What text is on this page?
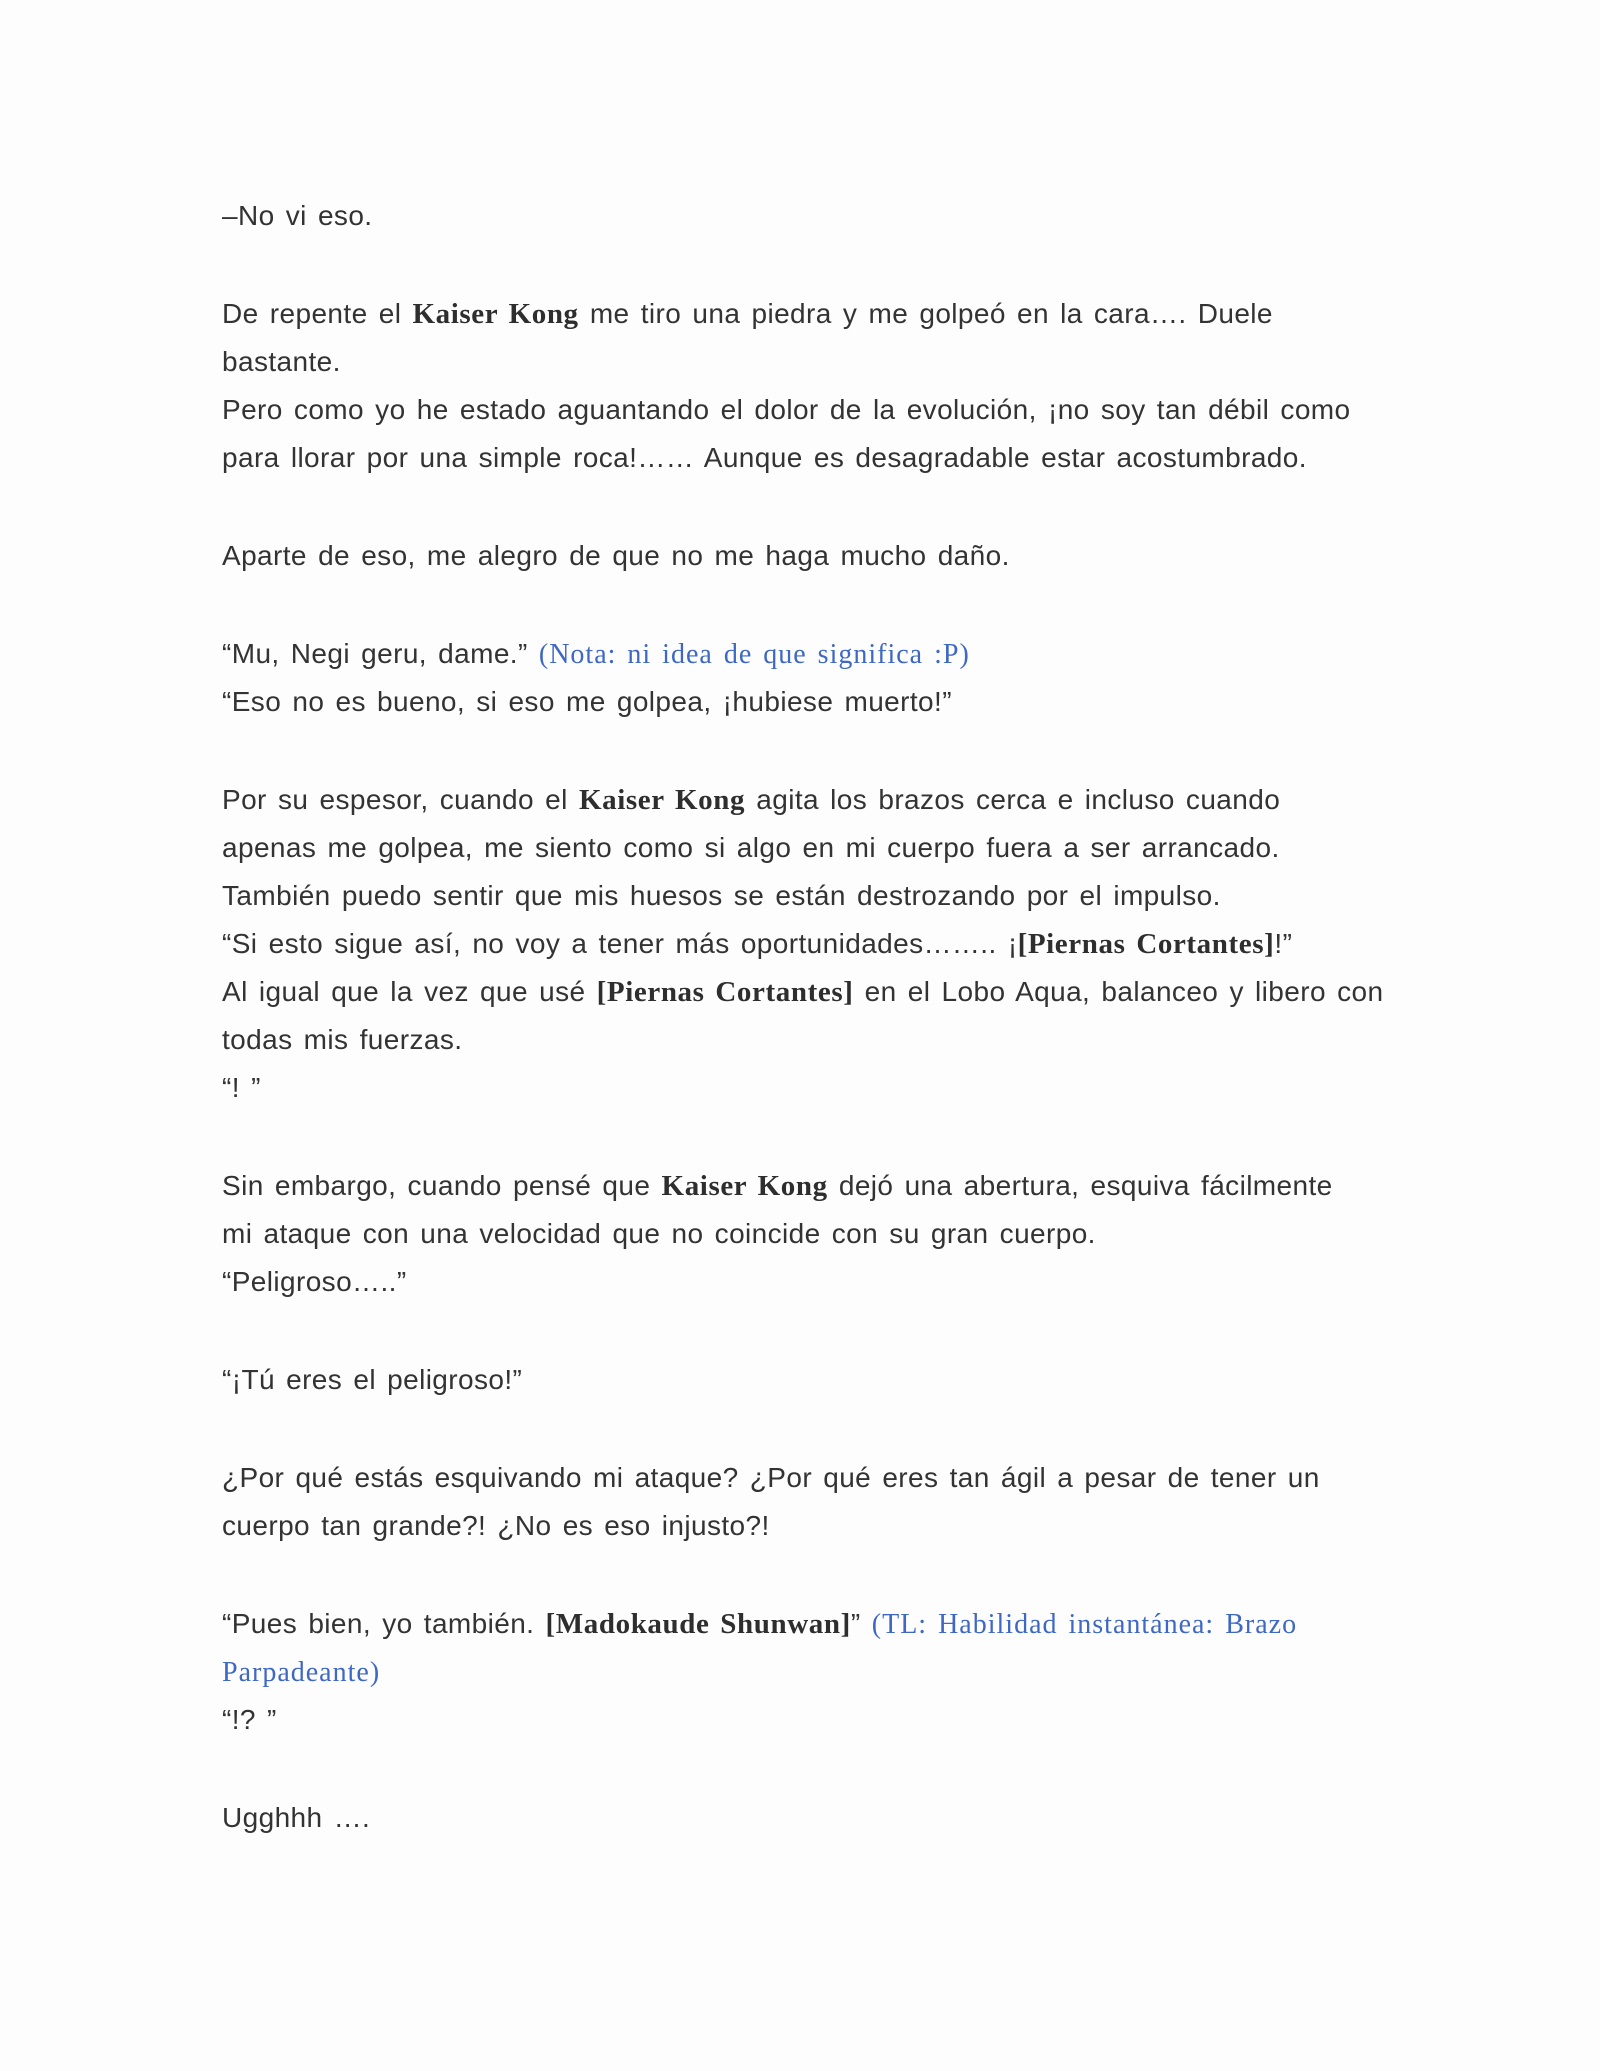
–No vi eso.
De repente el Kaiser Kong me tiro una piedra y me golpeó en la cara…. Duele
bastante.
Pero como yo he estado aguantando el dolor de la evolución, ¡no soy tan débil como
para llorar por una simple roca!…… Aunque es desagradable estar acostumbrado.
Aparte de eso, me alegro de que no me haga mucho daño.
“Mu, Negi geru, dame.” (Nota: ni idea de que significa :P)
“Eso no es bueno, si eso me golpea, ¡hubiese muerto!”
Por su espesor, cuando el Kaiser Kong agita los brazos cerca e incluso cuando
apenas me golpea, me siento como si algo en mi cuerpo fuera a ser arrancado.
También puedo sentir que mis huesos se están destrozando por el impulso.
“Si esto sigue así, no voy a tener más oportunidades…….. ¡[Piernas Cortantes]!”
Al igual que la vez que usé [Piernas Cortantes] en el Lobo Aqua, balanceo y libero con
todas mis fuerzas.
“! ”
Sin embargo, cuando pensé que Kaiser Kong dejó una abertura, esquiva fácilmente
mi ataque con una velocidad que no coincide con su gran cuerpo.
“Peligroso…..”
“¡Tú eres el peligroso!”
¿Por qué estás esquivando mi ataque? ¿Por qué eres tan ágil a pesar de tener un
cuerpo tan grande?! ¿No es eso injusto?!
“Pues bien, yo también. [Madokaude Shunwan]” (TL: Habilidad instantánea: Brazo
Parpadeante)
“!? ”
Ugghhh ….
